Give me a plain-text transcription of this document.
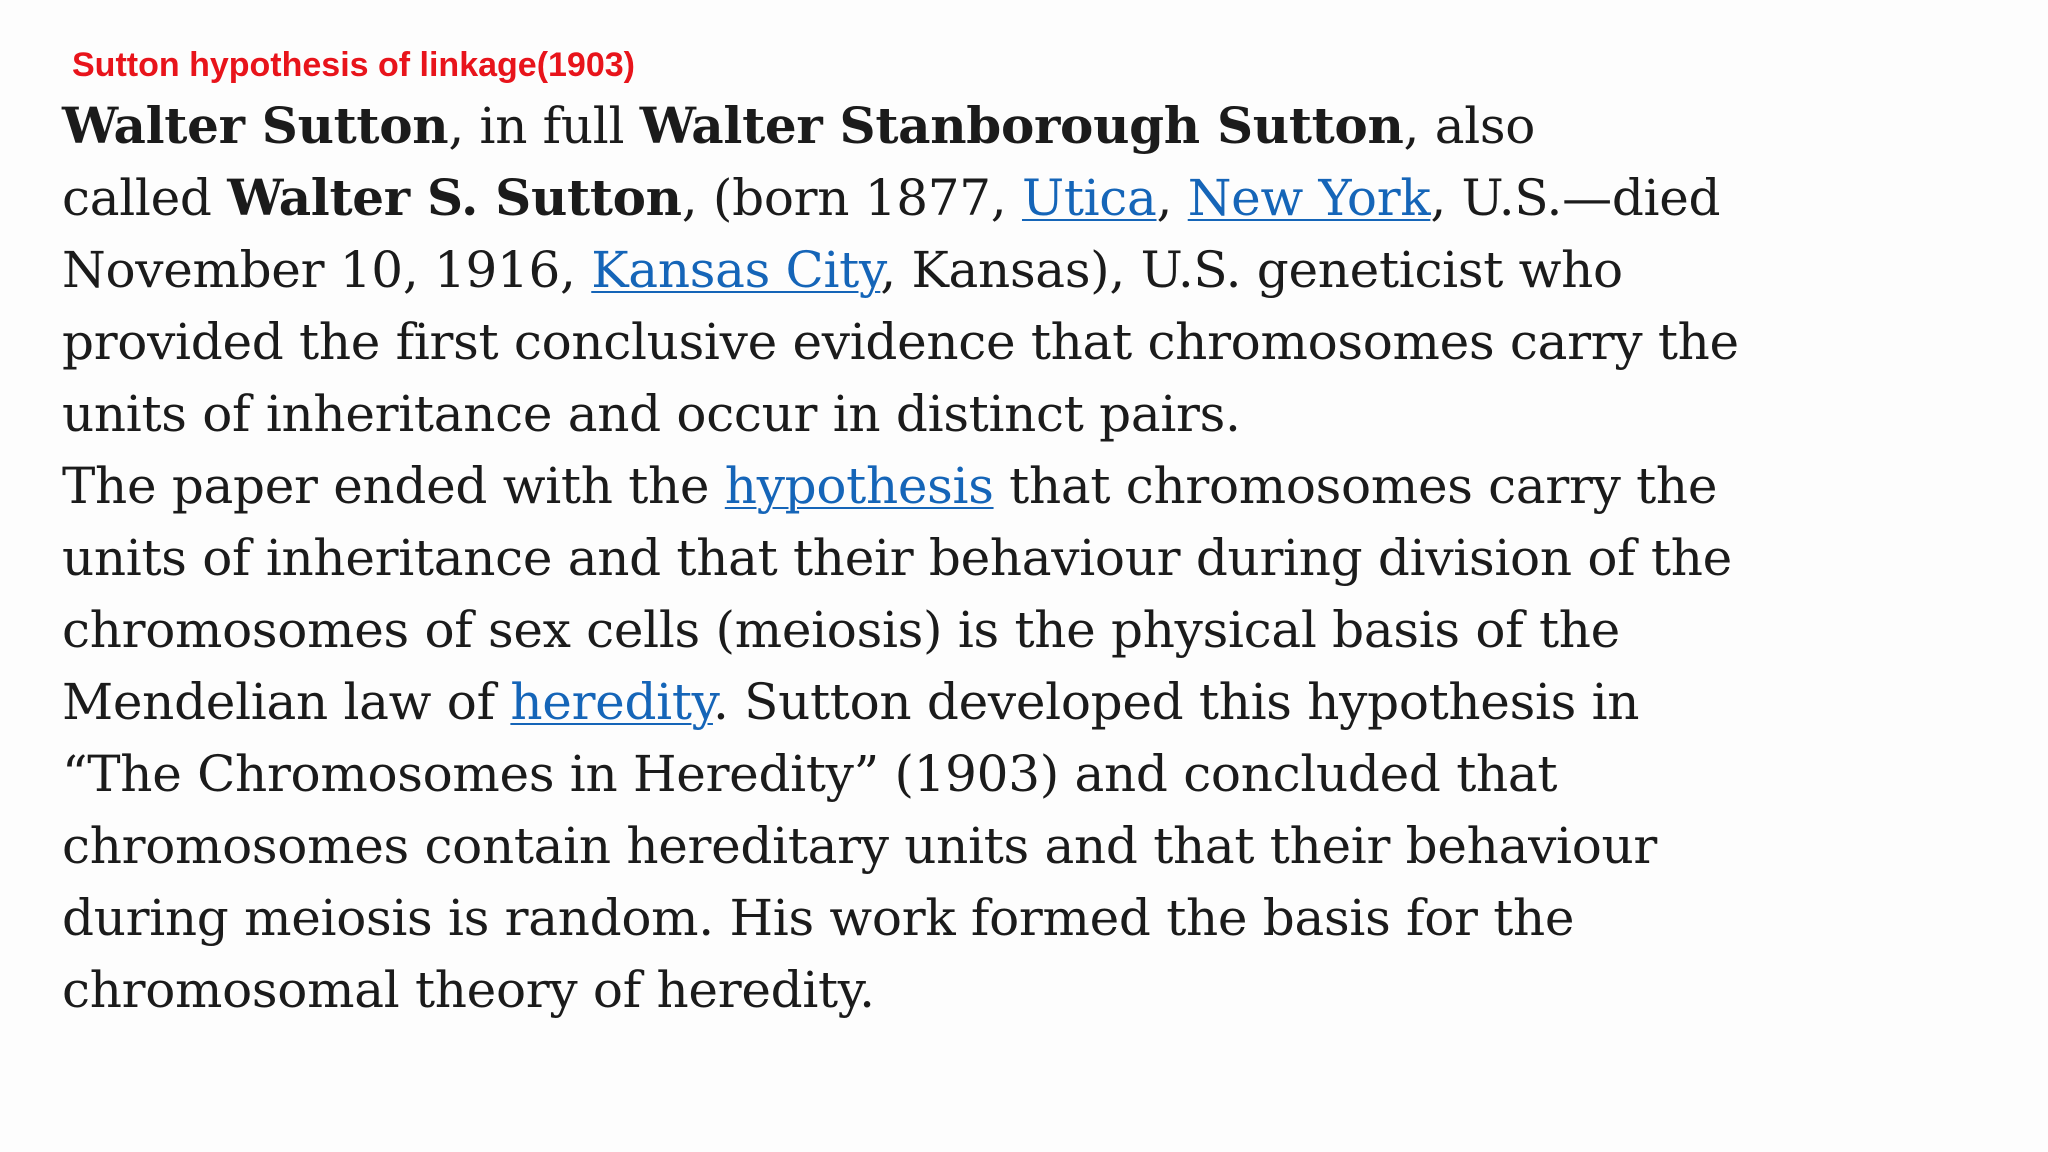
Sutton hypothesis of linkage(1903)

Walter Sutton, in full Walter Stanborough Sutton, also
called Walter S. Sutton, (born 1877, Utica, New York, U.S.—died
November 10, 1916, Kansas City, Kansas), U.S. geneticist who
provided the first conclusive evidence that chromosomes carry the
units of inheritance and occur in distinct pairs.

The paper ended with the hypothesis that chromosomes carry the
units of inheritance and that their behaviour during division of the
chromosomes of sex cells (meiosis) is the physical basis of the
Mendelian law of heredity. Sutton developed this hypothesis in
“The Chromosomes in Heredity” (1903) and concluded that
chromosomes contain hereditary units and that their behaviour
during meiosis is random. His work formed the basis for the
chromosomal theory of heredity.
